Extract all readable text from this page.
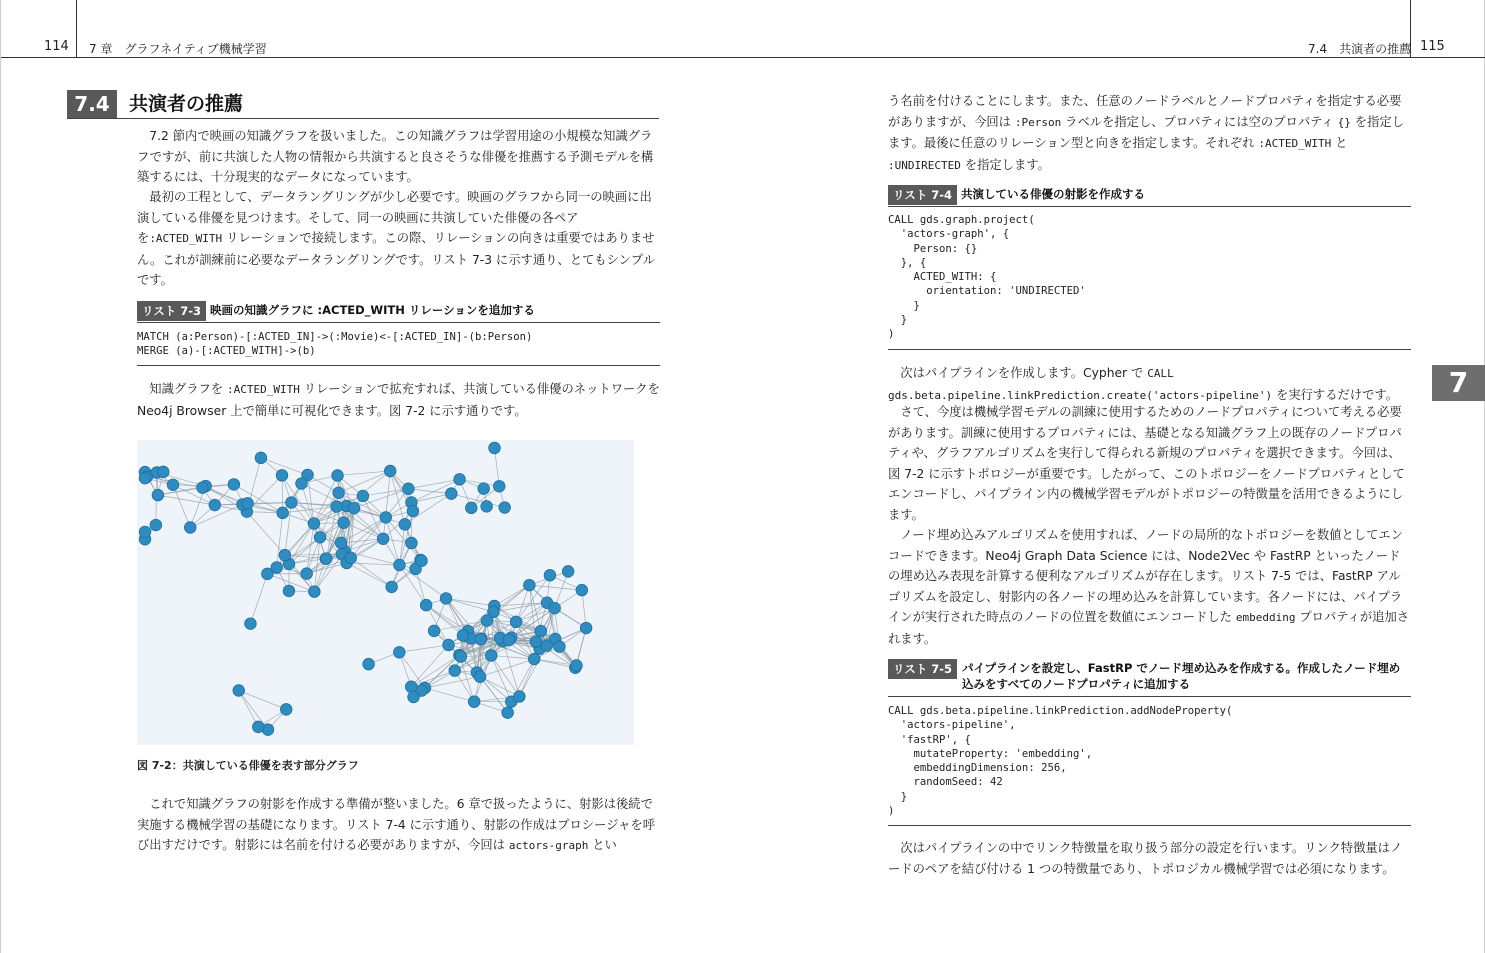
114 7 章　グラフネイティブ機械学習
7.4	共演者の推薦
7.2 節内で映画の知識グラフを扱いました。この知識グラフは学習用途の小規模な知識グラフですが、前に共演した人物の情報から共演すると良さそうな俳優を推薦する予測モデルを構築するには、十分現実的なデータになっています。
最初の工程として、データラングリングが少し必要です。映画のグラフから同一の映画に出演している俳優を見つけます。そして、同一の映画に共演していた俳優の各ペアを:ACTED_WITH リレーションで接続します。この際、リレーションの向きは重要ではありません。これが訓練前に必要なデータラングリングです。リスト 7-3 に示す通り、とてもシンプルです。
リスト 7-3 映画の知識グラフに :ACTED_WITH リレーションを追加する
MATCH (a:Person)-[:ACTED_IN]->(:Movie)<-[:ACTED_IN]-(b:Person)
MERGE (a)-[:ACTED_WITH]->(b)
知識グラフを :ACTED_WITH リレーションで拡充すれば、共演している俳優のネットワークを Neo4j Browser 上で簡単に可視化できます。図 7-2 に示す通りです。
図 7-2：共演している俳優を表す部分グラフ
これで知識グラフの射影を作成する準備が整いました。6 章で扱ったように、射影は後続で実施する機械学習の基礎になります。リスト 7-4 に示す通り、射影の作成はプロシージャを呼び出すだけです。射影には名前を付ける必要がありますが、今回は actors-graph とい
7.4　共演者の推薦 115
う名前を付けることにします。また、任意のノードラベルとノードプロパティを指定する必要がありますが、今回は :Person ラベルを指定し、プロパティには空のプロパティ {} を指定します。最後に任意のリレーション型と向きを指定します。それぞれ :ACTED_WITH と :UNDIRECTED を指定します。
リスト 7-4 共演している俳優の射影を作成する
CALL gds.graph.project(
'actors-graph', {
Person: {}
}, {
ACTED_WITH: {
orientation: 'UNDIRECTED'
}
}
)
次はパイプラインを作成します。Cypher で CALL gds.beta.pipeline.linkPrediction.create('actors-pipeline') を実行するだけです。
さて、今度は機械学習モデルの訓練に使用するためのノードプロパティについて考える必要があります。訓練に使用するプロパティには、基礎となる知識グラフ上の既存のノードプロパティや、グラフアルゴリズムを実行して得られる新規のプロパティを選択できます。今回は、図 7-2 に示すトポロジーが重要です。したがって、このトポロジーをノードプロパティとしてエンコードし、パイプライン内の機械学習モデルがトポロジーの特徴量を活用できるようにします。
ノード埋め込みアルゴリズムを使用すれば、ノードの局所的なトポロジーを数値としてエンコードできます。Neo4j Graph Data Science には、Node2Vec や FastRP といったノードの埋め込み表現を計算する便利なアルゴリズムが存在します。リスト 7-5 では、FastRP アルゴリズムを設定し、射影内の各ノードの埋め込みを計算しています。各ノードには、パイプラインが実行された時点のノードの位置を数値にエンコードした embedding プロパティが追加されます。
リスト 7-5 パイプラインを設定し、FastRP でノード埋め込みを作成する。作成したノード埋め込みをすべてのノードプロパティに追加する
CALL gds.beta.pipeline.linkPrediction.addNodeProperty(
'actors-pipeline',
'fastRP', {
mutateProperty: 'embedding',
embeddingDimension: 256,
randomSeed: 42
}
)
次はパイプラインの中でリンク特徴量を取り扱う部分の設定を行います。リンク特徴量はノードのペアを結び付ける 1 つの特徴量であり、トポロジカル機械学習では必須になります。
7
